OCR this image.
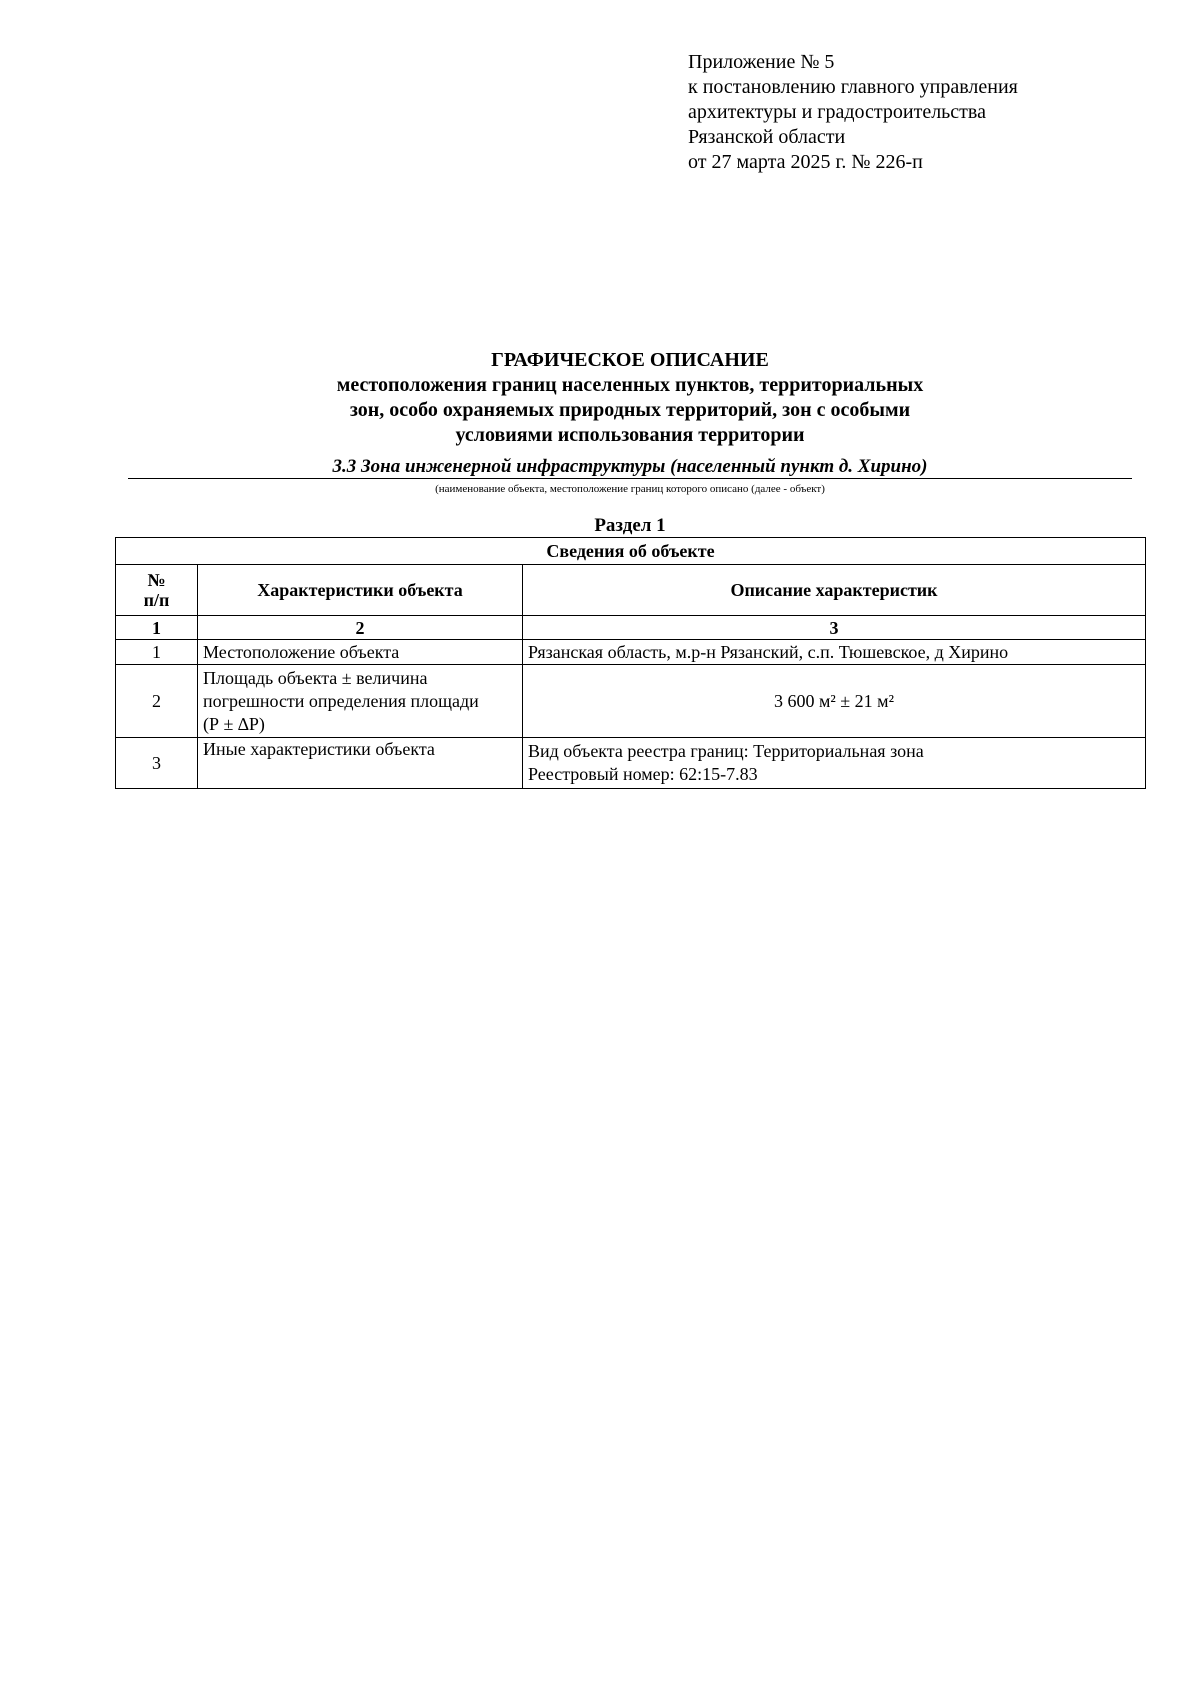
Приложение № 5
к постановлению главного управления
архитектуры и градостроительства
Рязанской области
от 27 марта 2025 г. № 226-п
ГРАФИЧЕСКОЕ ОПИСАНИЕ
местоположения границ населенных пунктов, территориальных
зон, особо охраняемых природных территорий, зон с особыми
условиями использования территории
3.3 Зона инженерной инфраструктуры (населенный пункт д. Хирино)
(наименование объекта, местоположение границ которого описано (далее - объект)
Раздел 1
Сведения об объекте		

№
п/п	Характеристики объекта	Описание характеристик
1	2	3
1	Местоположение объекта	Рязанская область, м.р-н Рязанский, с.п. Тюшевское, д Хирино

2	Площадь объекта ± величина
погрешности определения площади
(Р ± ∆Р)	3 600 м² ± 21 м²

3	Иные характеристики объекта	Вид объекта реестра границ: Территориальная зона
Реестровый номер: 62:15-7.83
